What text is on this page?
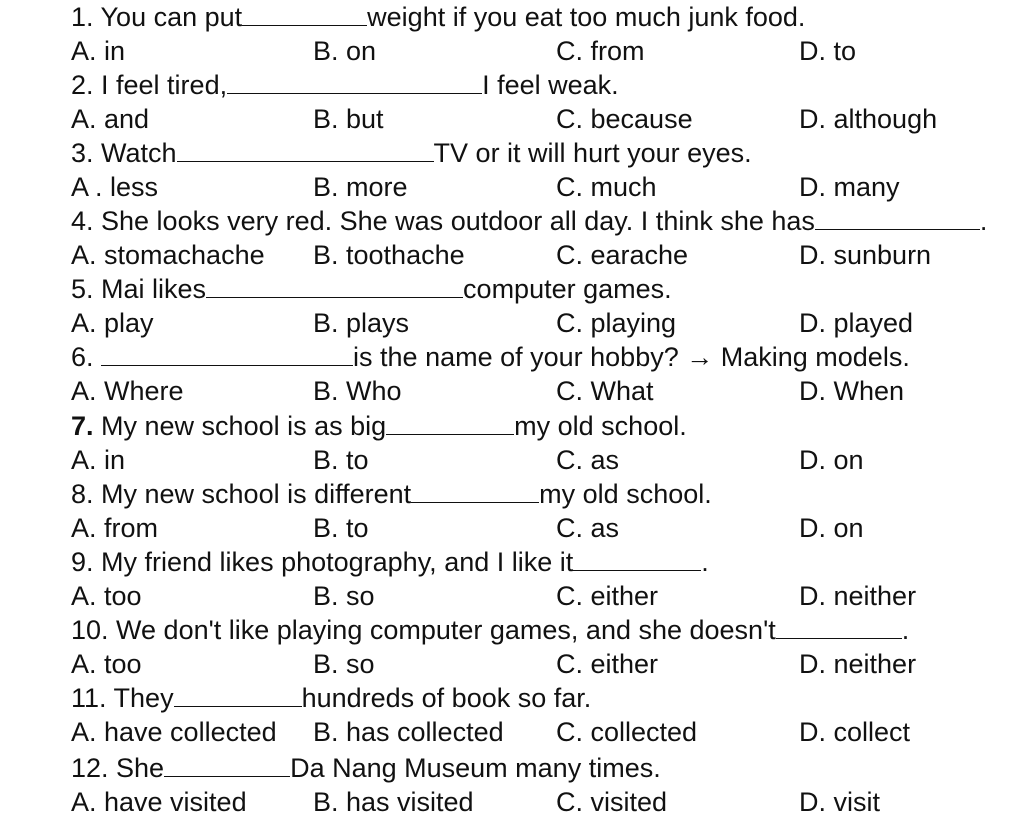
1. You can put	weight if you eat too much junk food.
A. in	B. on	C. from	D. to
2. I feel tired,	I feel weak.
A. and	B. but	C. because	D. although
3. Watch	TV or it will hurt your eyes.
A . less	B. more	C. much	D. many
4. She looks very red. She was outdoor all day. I think she has	.
A. stomachache B. toothache	C. earache	D. sunburn
5. Mai likes	computer games.
A. play	B. plays	C. playing	D. played
6.	is the name of your hobby? → Making models.
A. Where	B. Who	C. What	D. When
7. My new school is as big	my old school.
A. in	B. to	C. as	D. on
8. My new school is different	my old school.
A. from	B. to	C. as	D. on
9. My friend likes photography, and I like it	.
A. too	B. so	C. either	D. neither
10. We don't like playing computer games, and she doesn't	.
A. too	B. so	C. either	D. neither
11. They	hundreds of book so far.
A. have collected B. has collected C. collected	D. collect
12. She	Da Nang Museum many times.
A. have visited B. has visited	C. visited	D. visit
